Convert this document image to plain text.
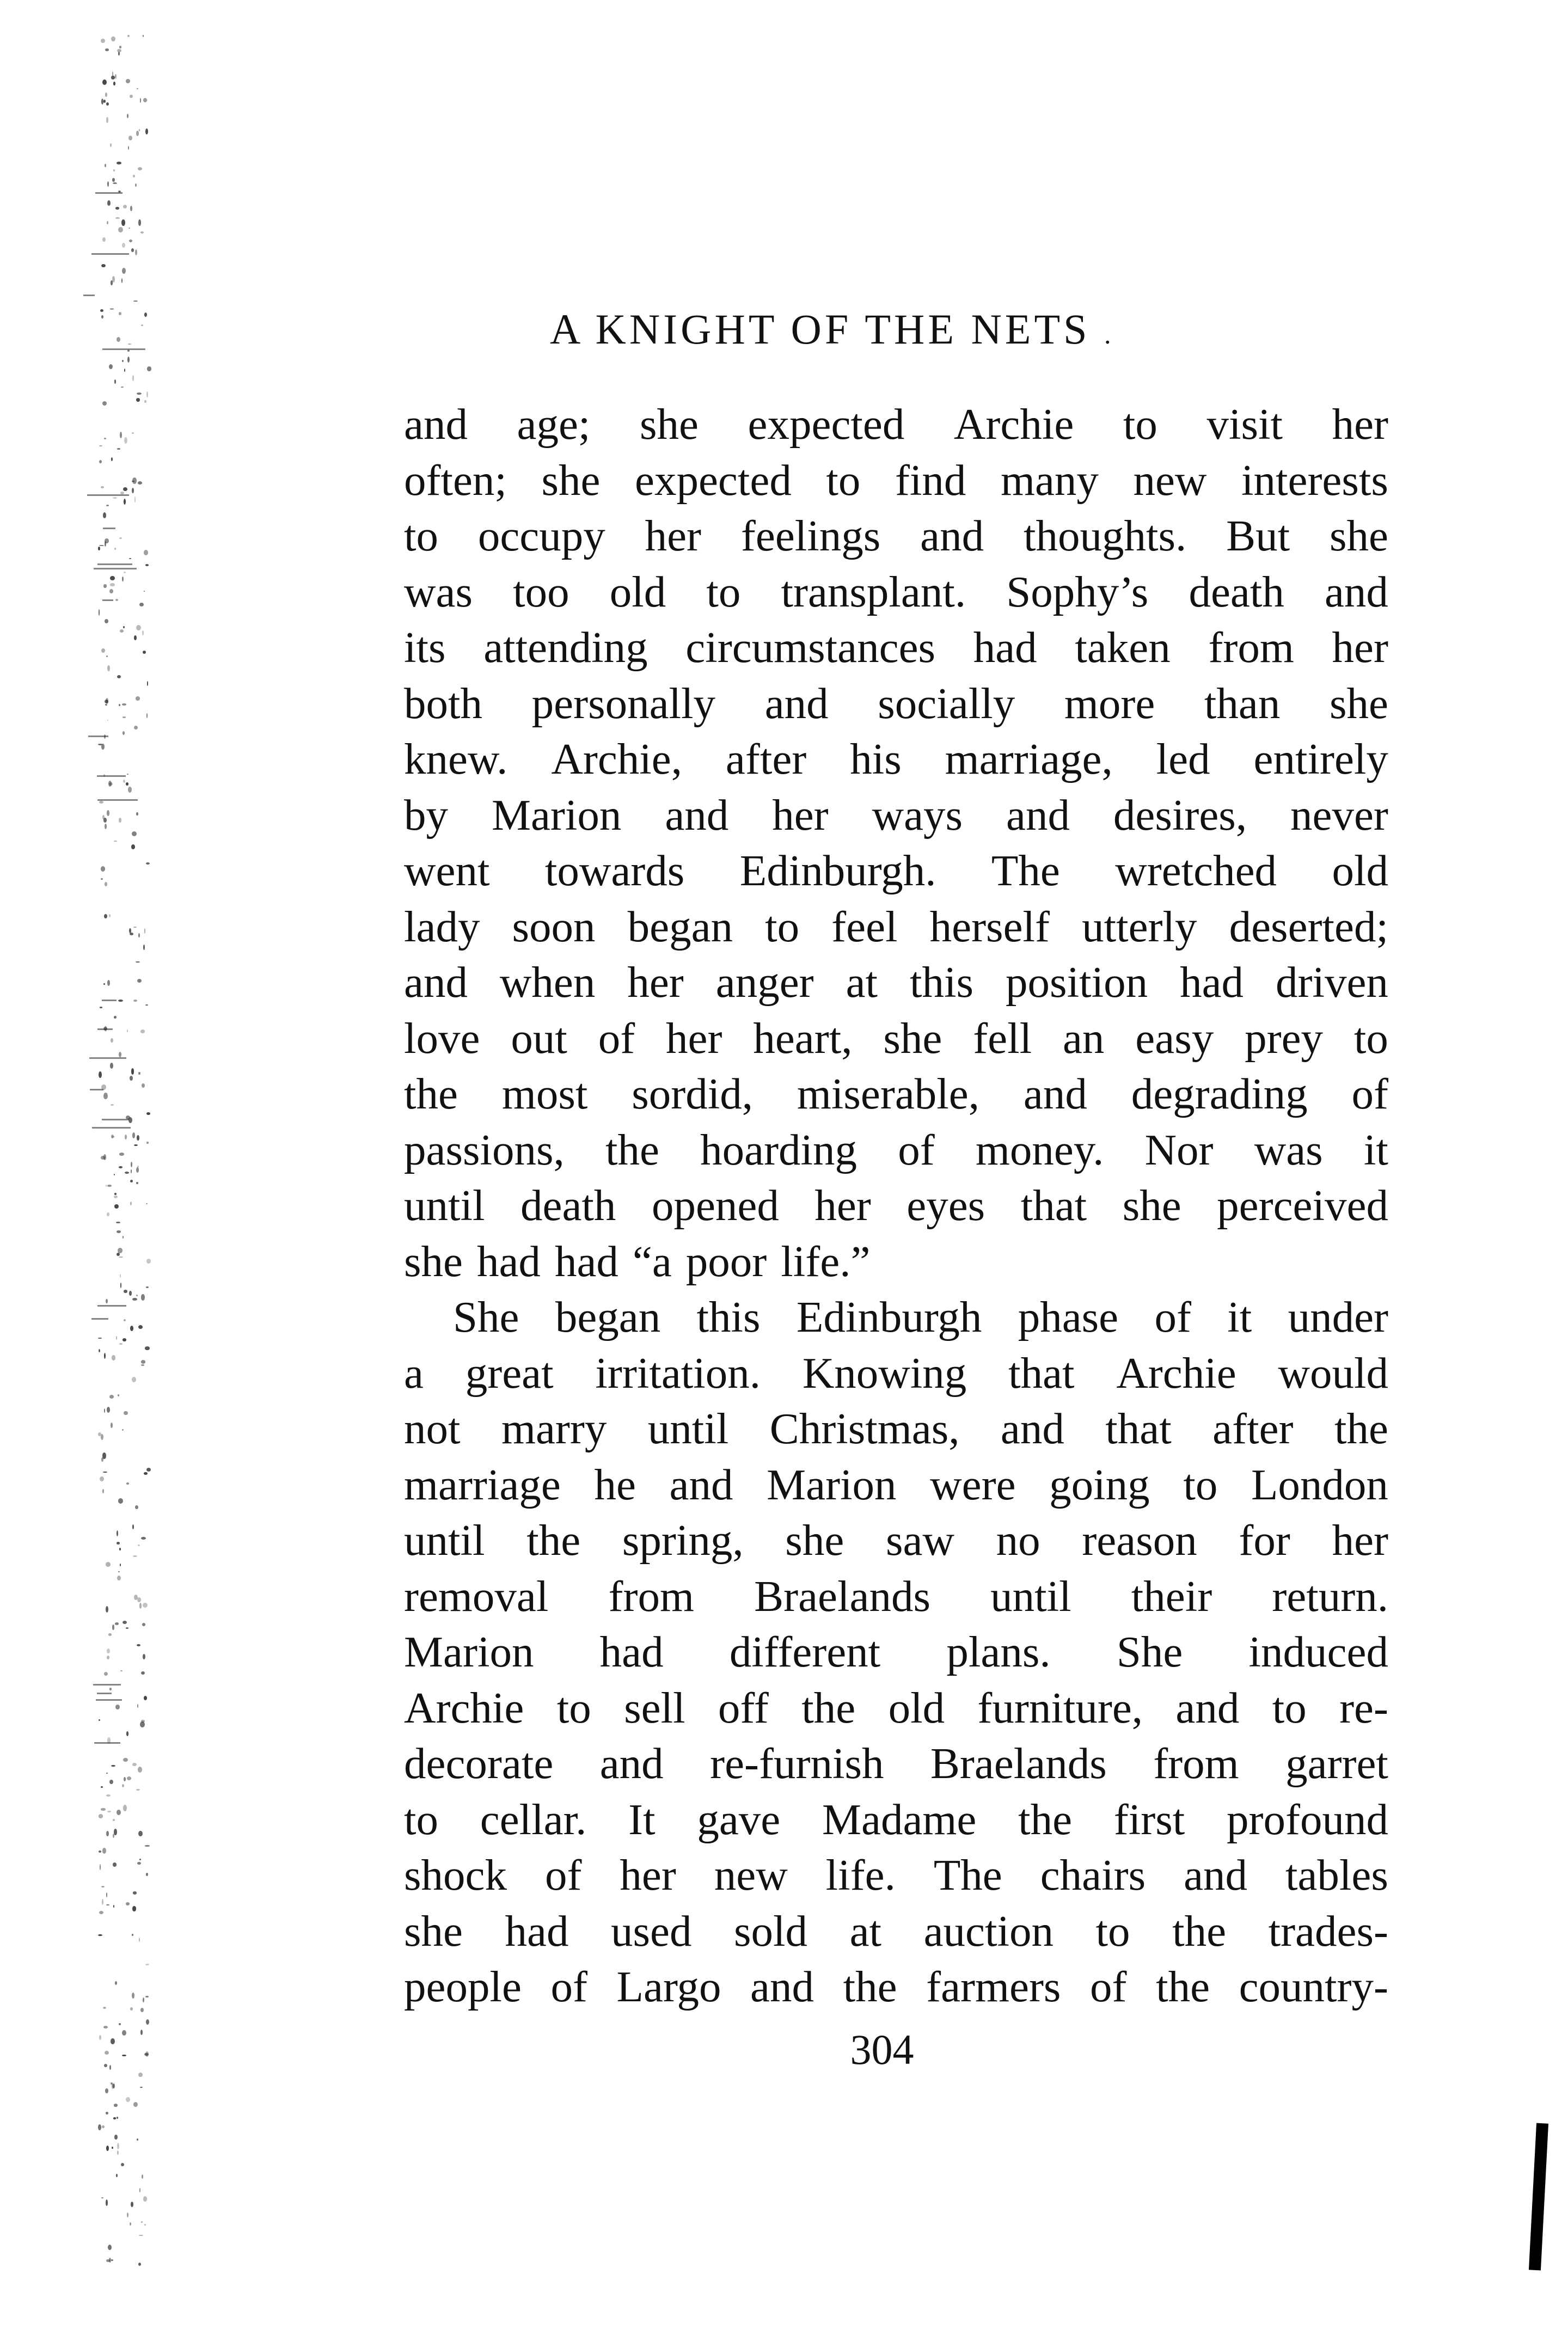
A KNIGHT OF THE NETS .
and age; she expected Archie to visit her
often; she expected to find many new interests
to occupy her feelings and thoughts. But she
was too old to transplant. Sophy’s death and
its attending circumstances had taken from her
both personally and socially more than she
knew. Archie, after his marriage, led entirely
by Marion and her ways and desires, never
went towards Edinburgh. The wretched old
lady soon began to feel herself utterly deserted;
and when her anger at this position had driven
love out of her heart, she fell an easy prey to
the most sordid, miserable, and degrading of
passions, the hoarding of money. Nor was it
until death opened her eyes that she perceived
she had had “a poor life.”
She began this Edinburgh phase of it under
a great irritation. Knowing that Archie would
not marry until Christmas, and that after the
marriage he and Marion were going to London
until the spring, she saw no reason for her
removal from Braelands until their return.
Marion had different plans. She induced
Archie to sell off the old furniture, and to re-
decorate and re-furnish Braelands from garret
to cellar. It gave Madame the first profound
shock of her new life. The chairs and tables
she had used sold at auction to the trades-
people of Largo and the farmers of the country-
304
